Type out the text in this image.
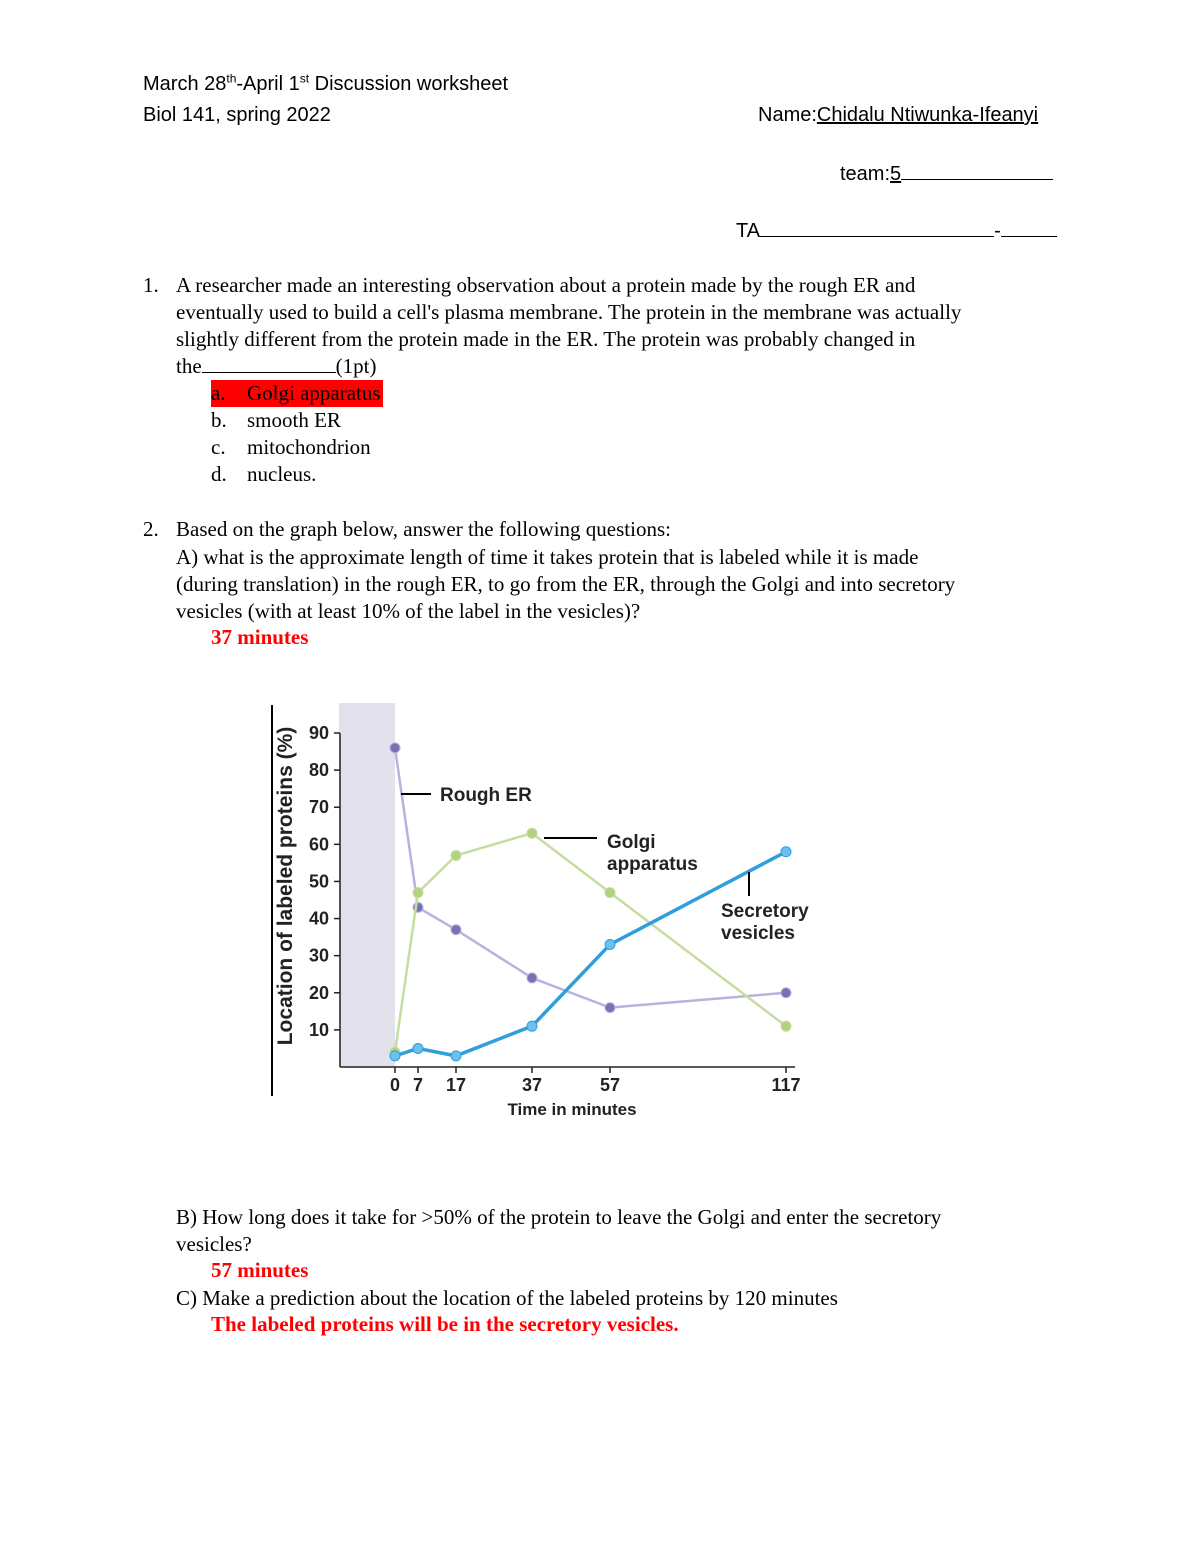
March 28th-April 1st Discussion worksheet
Biol 141, spring 2022	Name:Chidalu Ntiwunka-Ifeanyi
team:5
TA	-
1. A researcher made an interesting observation about a protein made by the rough ER and
eventually used to build a cell's plasma membrane. The protein in the membrane was actually
slightly different from the protein made in the ER. The protein was probably changed in
the	(1pt)
a. Golgi apparatus
b. smooth ER
c. mitochondrion
d. nucleus.
2. Based on the graph below, answer the following questions:
A) what is the approximate length of time it takes protein that is labeled while it is made
(during translation) in the rough ER, to go from the ER, through the Golgi and into secretory
vesicles (with at least 10% of the label in the vesicles)?
37 minutes
Location of labeled proteins (%) 10
20
30
40
50
60
70
80
90
0 7 17	37	57	117
Time in minutes
Rough ER
Golgi
apparatus
Secretory
vesicles
B) How long does it take for >50% of the protein to leave the Golgi and enter the secretory
vesicles?
57 minutes
C) Make a prediction about the location of the labeled proteins by 120 minutes
The labeled proteins will be in the secretory vesicles.
